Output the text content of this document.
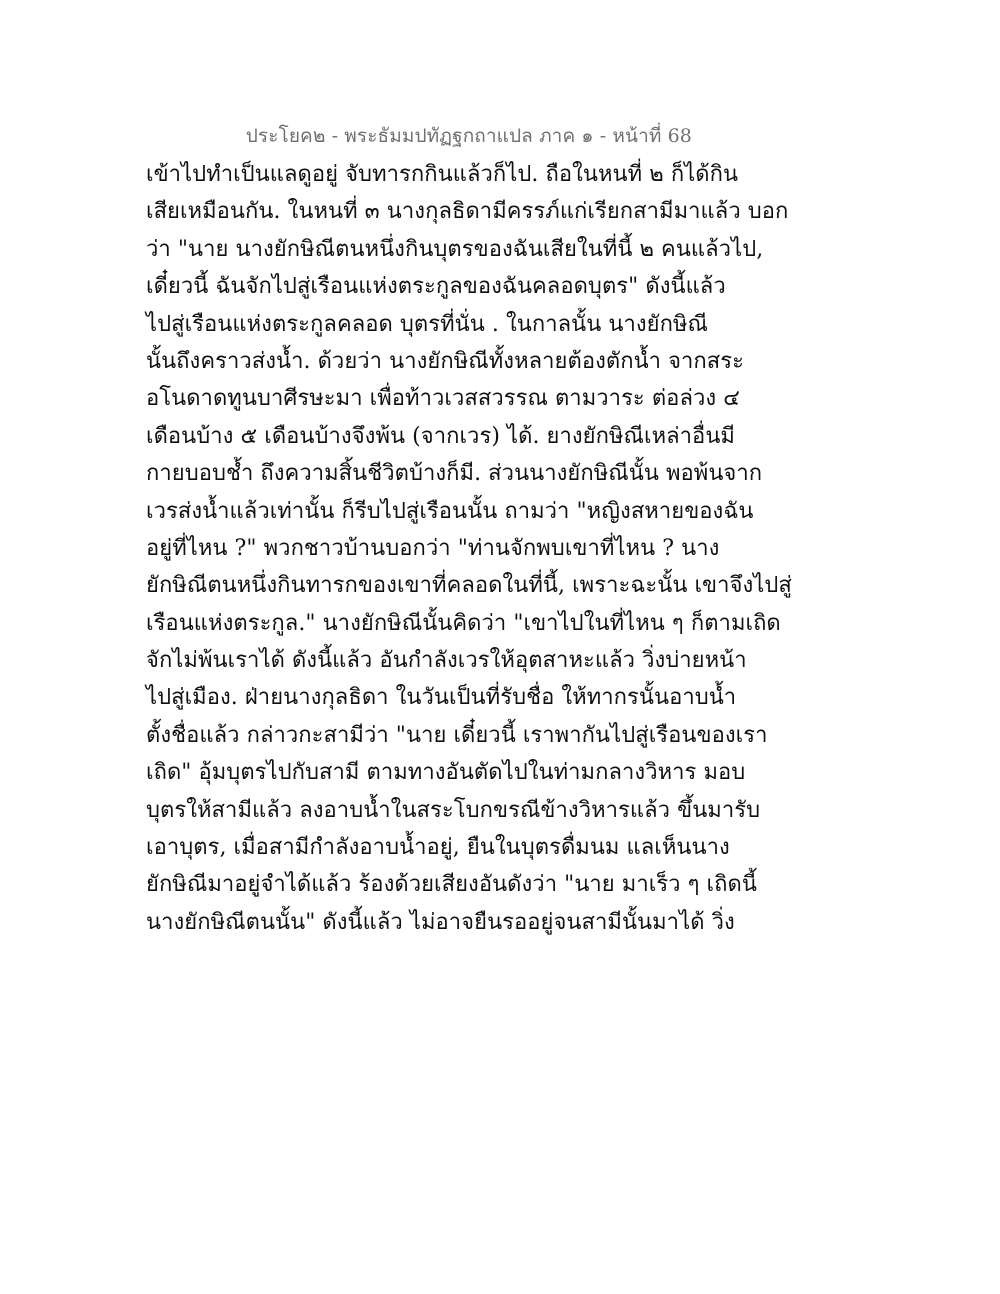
ประโยค๒ - พระธัมมปทัฏฐกถาแปล ภาค ๑ - หน้าที่ 68
เข้าไปทำเป็นแลดูอยู่ จับทารกกินแล้วก็ไป. ถือในหนที่ ๒ ก็ได้กิน
เสียเหมือนกัน. ในหนที่ ๓ นางกุลธิดามีครรภ์แก่เรียกสามีมาแล้ว บอก
ว่า "นาย นางยักษิณีตนหนึ่งกินบุตรของฉันเสียในที่นี้ ๒ คนแล้วไป,
เดี๋ยวนี้ ฉันจักไปสู่เรือนแห่งตระกูลของฉันคลอดบุตร" ดังนี้แล้ว
ไปสู่เรือนแห่งตระกูลคลอด บุตรที่นั่น . ในกาลนั้น นางยักษิณี
นั้นถึงคราวส่งน้ำ. ด้วยว่า นางยักษิณีทั้งหลายต้องตักน้ำ จากสระ
อโนดาดทูนบาศีรษะมา เพื่อท้าวเวสสวรรณ ตามวาระ ต่อล่วง ๔
เดือนบ้าง ๕ เดือนบ้างจึงพ้น (จากเวร) ได้. ยางยักษิณีเหล่าอื่นมี
กายบอบช้ำ ถึงความสิ้นชีวิตบ้างก็มี. ส่วนนางยักษิณีนั้น พอพ้นจาก
เวรส่งน้ำแล้วเท่านั้น ก็รีบไปสู่เรือนนั้น ถามว่า "หญิงสหายของฉัน
อยู่ที่ไหน ?" พวกชาวบ้านบอกว่า "ท่านจักพบเขาที่ไหน ? นาง
ยักษิณีตนหนึ่งกินทารกของเขาที่คลอดในที่นี้, เพราะฉะนั้น เขาจึงไปสู่
เรือนแห่งตระกูล." นางยักษิณีนั้นคิดว่า "เขาไปในที่ไหน ๆ ก็ตามเถิด
จักไม่พ้นเราได้ ดังนี้แล้ว อันกำลังเวรให้อุตสาหะแล้ว วิ่งบ่ายหน้า
ไปสู่เมือง. ฝ่ายนางกุลธิดา ในวันเป็นที่รับชื่อ ให้ทากรนั้นอาบน้ำ
ตั้งชื่อแล้ว กล่าวกะสามีว่า "นาย เดี๋ยวนี้ เราพากันไปสู่เรือนของเรา
เถิด" อุ้มบุตรไปกับสามี ตามทางอันตัดไปในท่ามกลางวิหาร มอบ
บุตรให้สามีแล้ว ลงอาบน้ำในสระโบกขรณีข้างวิหารแล้ว ขึ้นมารับ
เอาบุตร, เมื่อสามีกำลังอาบน้ำอยู่, ยืนในบุตรดื่มนม แลเห็นนาง
ยักษิณีมาอยู่จำได้แล้ว ร้องด้วยเสียงอันดังว่า "นาย มาเร็ว ๆ เถิดนี้
นางยักษิณีตนนั้น" ดังนี้แล้ว ไม่อาจยืนรออยู่จนสามีนั้นมาได้ วิ่ง
